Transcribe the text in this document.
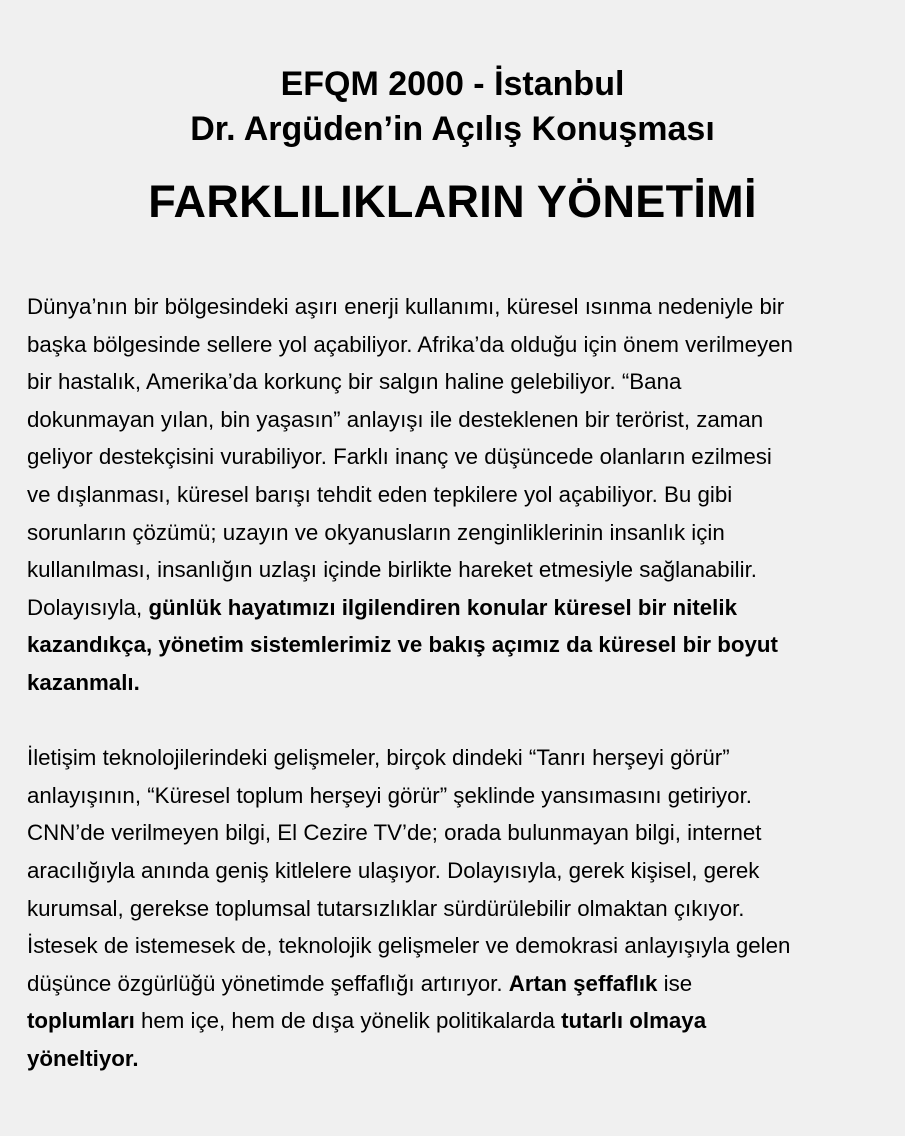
EFQM 2000 - İstanbul

Dr. Argüden’in Açılış Konuşması

FARKLILIKLARIN YÖNETİMİ

Dünya’nın bir bölgesindeki aşırı enerji kullanımı, küresel ısınma nedeniyle bir
başka bölgesinde sellere yol açabiliyor. Afrika’da olduğu için önem verilmeyen
bir hastalık, Amerika’da korkunç bir salgın haline gelebiliyor. “Bana
dokunmayan yılan, bin yaşasın” anlayışı ile desteklenen bir terörist, zaman
geliyor destekçisini vurabiliyor. Farklı inanç ve düşüncede olanların ezilmesi
ve dışlanması, küresel barışı tehdit eden tepkilere yol açabiliyor. Bu gibi
sorunların çözümü; uzayın ve okyanusların zenginliklerinin insanlık için
kullanılması, insanlığın uzlaşı içinde birlikte hareket etmesiyle sağlanabilir.
Dolayısıyla, günlük hayatımızı ilgilendiren konular küresel bir nitelik
kazandıkça, yönetim sistemlerimiz ve bakış açımız da küresel bir boyut
kazanmalı.

İletişim teknolojilerindeki gelişmeler, birçok dindeki “Tanrı herşeyi görür”
anlayışının, “Küresel toplum herşeyi görür” şeklinde yansımasını getiriyor.
CNN’de verilmeyen bilgi, El Cezire TV’de; orada bulunmayan bilgi, internet
aracılığıyla anında geniş kitlelere ulaşıyor. Dolayısıyla, gerek kişisel, gerek
kurumsal, gerekse toplumsal tutarsızlıklar sürdürülebilir olmaktan çıkıyor.
İstesek de istemesek de, teknolojik gelişmeler ve demokrasi anlayışıyla gelen
düşünce özgürlüğü yönetimde şeffaflığı artırıyor. Artan şeffaflık ise
toplumları hem içe, hem de dışa yönelik politikalarda tutarlı olmaya
yöneltiyor.
